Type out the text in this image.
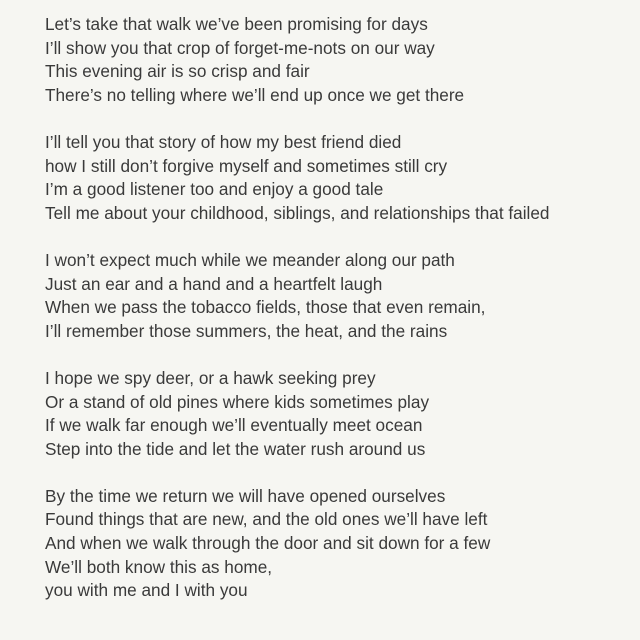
Let’s take that walk we’ve been promising for days
I’ll show you that crop of forget-me-nots on our way
This evening air is so crisp and fair
There’s no telling where we’ll end up once we get there
I’ll tell you that story of how my best friend died
how I still don’t forgive myself and sometimes still cry
I’m a good listener too and enjoy a good tale
Tell me about your childhood, siblings, and relationships that failed
I won’t expect much while we meander along our path
Just an ear and a hand and a heartfelt laugh
When we pass the tobacco fields, those that even remain,
I’ll remember those summers, the heat, and the rains
I hope we spy deer, or a hawk seeking prey
Or a stand of old pines where kids sometimes play
If we walk far enough we’ll eventually meet ocean
Step into the tide and let the water rush around us
By the time we return we will have opened ourselves
Found things that are new, and the old ones we’ll have left
And when we walk through the door and sit down for a few
We’ll both know this as home,
you with me and I with you
